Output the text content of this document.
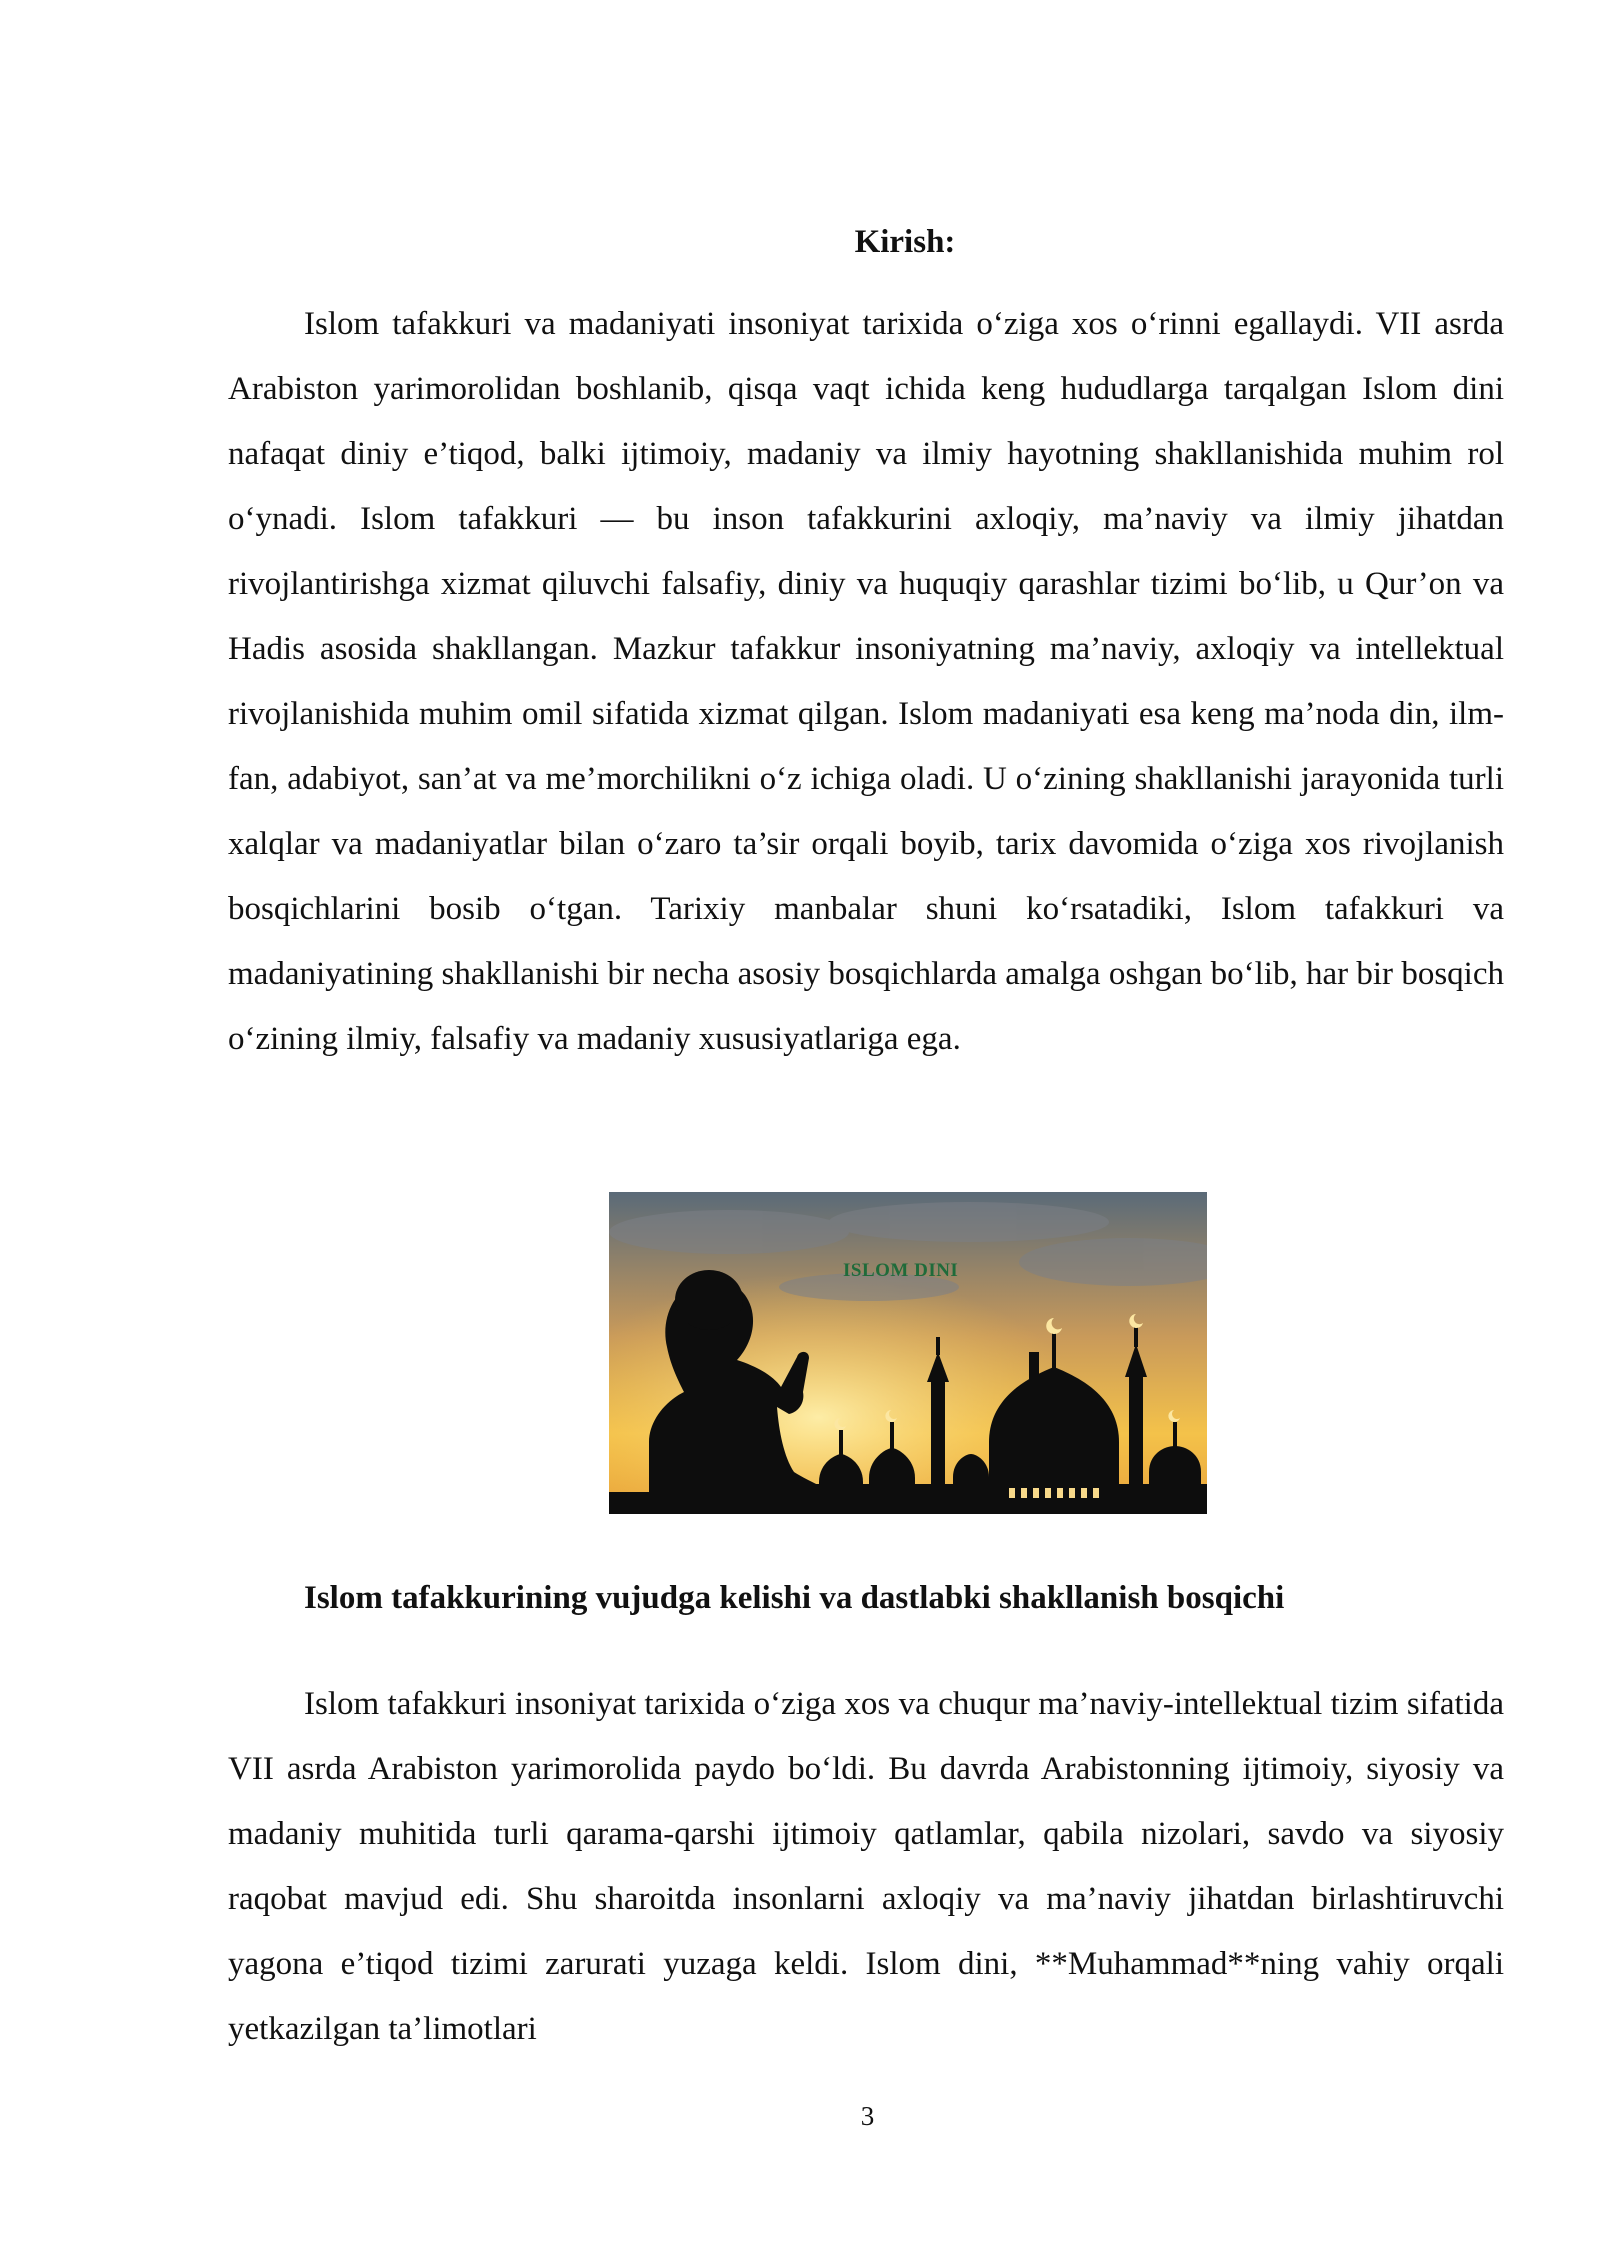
Kirish:

Islom tafakkuri va madaniyati insoniyat tarixida o‘ziga xos o‘rinni egallaydi. VII asrda Arabiston yarimorolidan boshlanib, qisqa vaqt ichida keng hududlarga tarqalgan Islom dini nafaqat diniy e’tiqod, balki ijtimoiy, madaniy va ilmiy hayotning shakllanishida muhim rol o‘ynadi. Islom tafakkuri — bu inson tafakkurini axloqiy, ma’naviy va ilmiy jihatdan rivojlantirishga xizmat qiluvchi falsafiy, diniy va huquqiy qarashlar tizimi bo‘lib, u Qur’on va Hadis asosida shakllangan. Mazkur tafakkur insoniyatning ma’naviy, axloqiy va intellektual rivojlanishida muhim omil sifatida xizmat qilgan. Islom madaniyati esa keng ma’noda din, ilm-fan, adabiyot, san’at va me’morchilikni o‘z ichiga oladi. U o‘zining shakllanishi jarayonida turli xalqlar va madaniyatlar bilan o‘zaro ta’sir orqali boyib, tarix davomida o‘ziga xos rivojlanish bosqichlarini bosib o‘tgan. Tarixiy manbalar shuni ko‘rsatadiki, Islom tafakkuri va madaniyatining shakllanishi bir necha asosiy bosqichlarda amalga oshgan bo‘lib, har bir bosqich o‘zining ilmiy, falsafiy va madaniy xususiyatlariga ega.

ISLOM DINI
Islom tafakkurining vujudga kelishi va dastlabki shakllanish bosqichi

Islom tafakkuri insoniyat tarixida o‘ziga xos va chuqur ma’naviy-intellektual tizim sifatida VII asrda Arabiston yarimorolida paydo bo‘ldi. Bu davrda Arabistonning ijtimoiy, siyosiy va madaniy muhitida turli qarama-qarshi ijtimoiy qatlamlar, qabila nizolari, savdo va siyosiy raqobat mavjud edi. Shu sharoitda insonlarni axloqiy va ma’naviy jihatdan birlashtiruvchi yagona e’tiqod tizimi zarurati yuzaga keldi. Islom dini, **Muhammad**ning vahiy orqali yetkazilgan ta’limotlari

3
